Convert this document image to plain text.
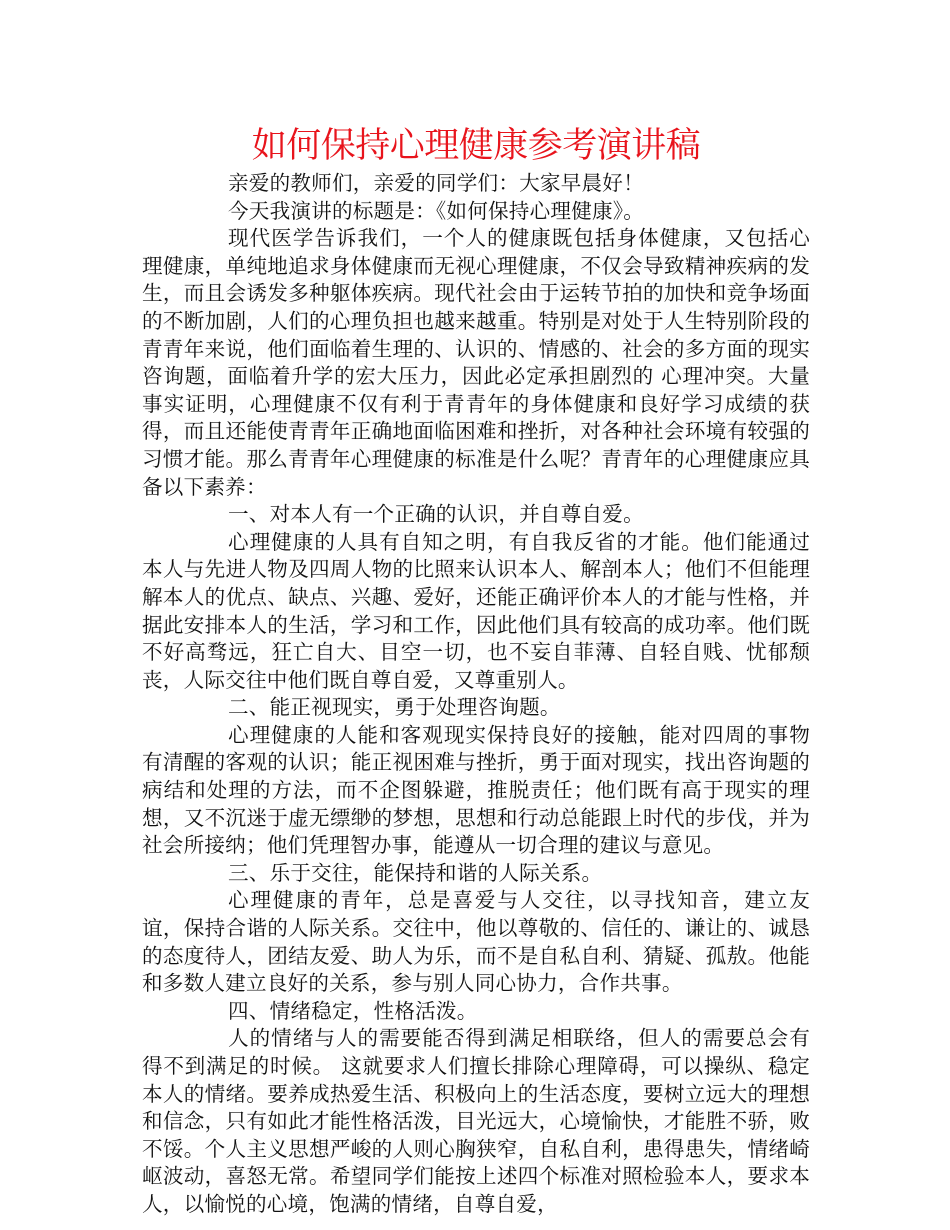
如何保持心理健康参考演讲稿

亲爱的教师们，亲爱的同学们：大家早晨好！

今天我演讲的标题是：《如何保持心理健康》。

现代医学告诉我们，一个人的健康既包括身体健康，又包括心理健康，单纯地追求身体健康而无视心理健康，不仅会导致精神疾病的发生，而且会诱发多种躯体疾病。现代社会由于运转节拍的加快和竞争场面的不断加剧，人们的心理负担也越来越重。特别是对处于人生特别阶段的青青年来说，他们面临着生理的、认识的、情感的、社会的多方面的现实咨询题，面临着升学的宏大压力，因此必定承担剧烈的 心理冲突。大量事实证明，心理健康不仅有利于青青年的身体健康和良好学习成绩的获得，而且还能使青青年正确地面临困难和挫折，对各种社会环境有较强的习惯才能。那么青青年心理健康的标准是什么呢？青青年的心理健康应具备以下素养：

一、对本人有一个正确的认识，并自尊自爱。

心理健康的人具有自知之明，有自我反省的才能。他们能通过本人与先进人物及四周人物的比照来认识本人、解剖本人；他们不但能理解本人的优点、缺点、兴趣、爱好，还能正确评价本人的才能与性格，并据此安排本人的生活，学习和工作，因此他们具有较高的成功率。他们既不好高骛远，狂亡自大、目空一切，也不妄自菲薄、自轻自贱、忧郁颓丧，人际交往中他们既自尊自爱，又尊重别人。

二、能正视现实，勇于处理咨询题。

心理健康的人能和客观现实保持良好的接触，能对四周的事物有清醒的客观的认识；能正视困难与挫折，勇于面对现实，找出咨询题的病结和处理的方法，而不企图躲避，推脱责任；他们既有高于现实的理想，又不沉迷于虚无缥缈的梦想，思想和行动总能跟上时代的步伐，并为社会所接纳；他们凭理智办事，能遵从一切合理的建议与意见。

三、乐于交往，能保持和谐的人际关系。

心理健康的青年，总是喜爱与人交往，以寻找知音，建立友谊，保持合谐的人际关系。交往中，他以尊敬的、信任的、谦让的、诚恳的态度待人，团结友爱、助人为乐，而不是自私自利、猜疑、孤敖。他能和多数人建立良好的关系，参与别人同心协力，合作共事。

四、情绪稳定，性格活泼。

人的情绪与人的需要能否得到满足相联络，但人的需要总会有得不到满足的时候。 这就要求人们擅长排除心理障碍，可以操纵、稳定本人的情绪。要养成热爱生活、积极向上的生活态度，要树立远大的理想和信念，只有如此才能性格活泼，目光远大，心境愉快，才能胜不骄，败不馁。个人主义思想严峻的人则心胸狭窄，自私自利，患得患失，情绪崎岖波动，喜怒无常。希望同学们能按上述四个标准对照检验本人，要求本人，以愉悦的心境，饱满的情绪，自尊自爱，
